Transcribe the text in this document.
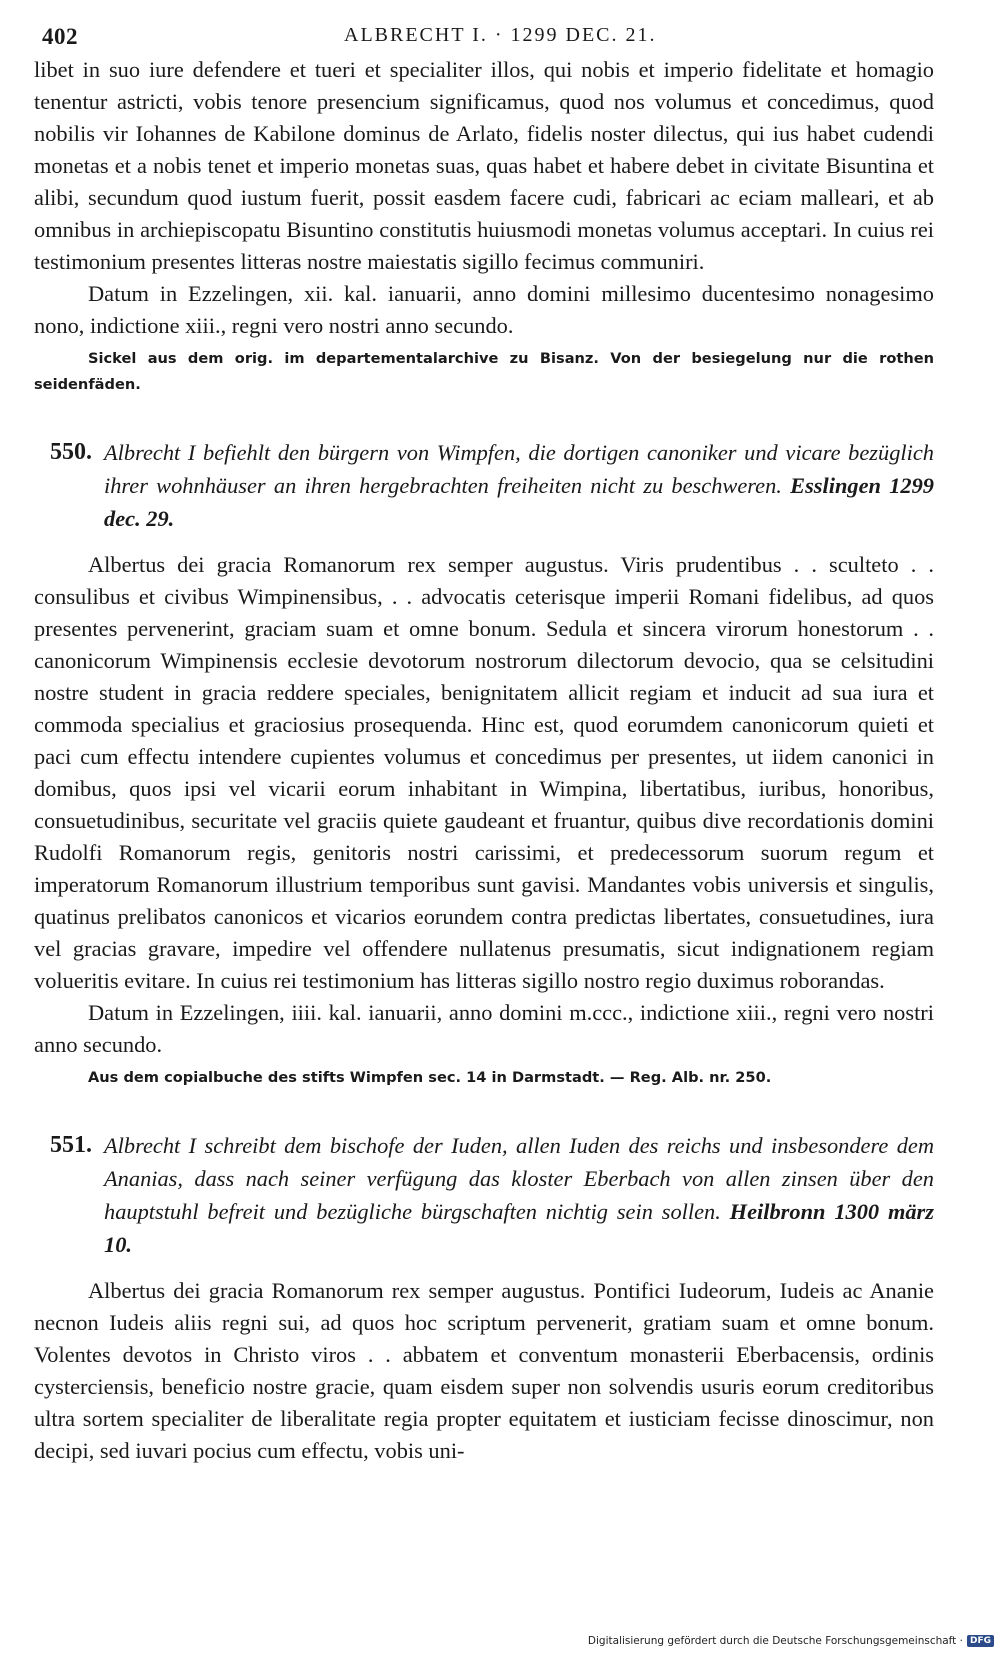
402	ALBRECHT I. · 1299 DEC. 21.

libet in suo iure defendere et tueri et specialiter illos, qui nobis et imperio fidelitate et homagio tenentur astricti, vobis tenore presencium significamus, quod nos volumus et concedimus, quod nobilis vir Iohannes de Kabilone dominus de Arlato, fidelis noster dilectus, qui ius habet cudendi monetas et a nobis tenet et imperio monetas suas, quas habet et habere debet in civitate Bisuntina et alibi, secundum quod iustum fuerit, possit easdem facere cudi, fabricari ac eciam malleari, et ab omnibus in archiepiscopatu Bisuntino constitutis huiusmodi monetas volumus acceptari. In cuius rei testimonium presentes litteras nostre maiestatis sigillo fecimus communiri.

Datum in Ezzelingen, xii. kal. ianuarii, anno domini millesimo ducentesimo nonagesimo nono, indictione xiii., regni vero nostri anno secundo.

Sickel aus dem orig. im departementalarchive zu Bisanz. Von der besiegelung nur die rothen seidenfäden.

550. Albrecht I befiehlt den bürgern von Wimpfen, die dortigen canoniker und vicare bezüglich ihrer wohnhäuser an ihren hergebrachten freiheiten nicht zu beschweren. Esslingen 1299 dec. 29.

Albertus dei gracia Romanorum rex semper augustus. Viris prudentibus . . sculteto . . consulibus et civibus Wimpinensibus, . . advocatis ceterisque imperii Romani fidelibus, ad quos presentes pervenerint, graciam suam et omne bonum. Sedula et sincera virorum honestorum . . canonicorum Wimpinensis ecclesie devotorum nostrorum dilectorum devocio, qua se celsitudini nostre student in gracia reddere speciales, benignitatem allicit regiam et inducit ad sua iura et commoda specialius et graciosius prosequenda. Hinc est, quod eorumdem canonicorum quieti et paci cum effectu intendere cupientes volumus et concedimus per presentes, ut iidem canonici in domibus, quos ipsi vel vicarii eorum inhabitant in Wimpina, libertatibus, iuribus, honoribus, consuetudinibus, securitate vel graciis quiete gaudeant et fruantur, quibus dive recordationis domini Rudolfi Romanorum regis, genitoris nostri carissimi, et predecessorum suorum regum et imperatorum Romanorum illustrium temporibus sunt gavisi. Mandantes vobis universis et singulis, quatinus prelibatos canonicos et vicarios eorundem contra predictas libertates, consuetudines, iura vel gracias gravare, impedire vel offendere nullatenus presumatis, sicut indignationem regiam volueritis evitare. In cuius rei testimonium has litteras sigillo nostro regio duximus roborandas.

Datum in Ezzelingen, iiii. kal. ianuarii, anno domini m.ccc., indictione xiii., regni vero nostri anno secundo.

Aus dem copialbuche des stifts Wimpfen sec. 14 in Darmstadt. — Reg. Alb. nr. 250.

551. Albrecht I schreibt dem bischofe der Iuden, allen Iuden des reichs und insbesondere dem Ananias, dass nach seiner verfügung das kloster Eberbach von allen zinsen über den hauptstuhl befreit und bezügliche bürgschaften nichtig sein sollen. Heilbronn 1300 märz 10.

Albertus dei gracia Romanorum rex semper augustus. Pontifici Iudeorum, Iudeis ac Ananie necnon Iudeis aliis regni sui, ad quos hoc scriptum pervenerit, gratiam suam et omne bonum. Volentes devotos in Christo viros . . abbatem et conventum monasterii Eberbacensis, ordinis cysterciensis, beneficio nostre gracie, quam eisdem super non solvendis usuris eorum creditoribus ultra sortem specialiter de liberalitate regia propter equitatem et iusticiam fecisse dinoscimur, non decipi, sed iuvari pocius cum effectu, vobis uni-

Digitalisierung gefördert durch die Deutsche Forschungsgemeinschaft · DFG
